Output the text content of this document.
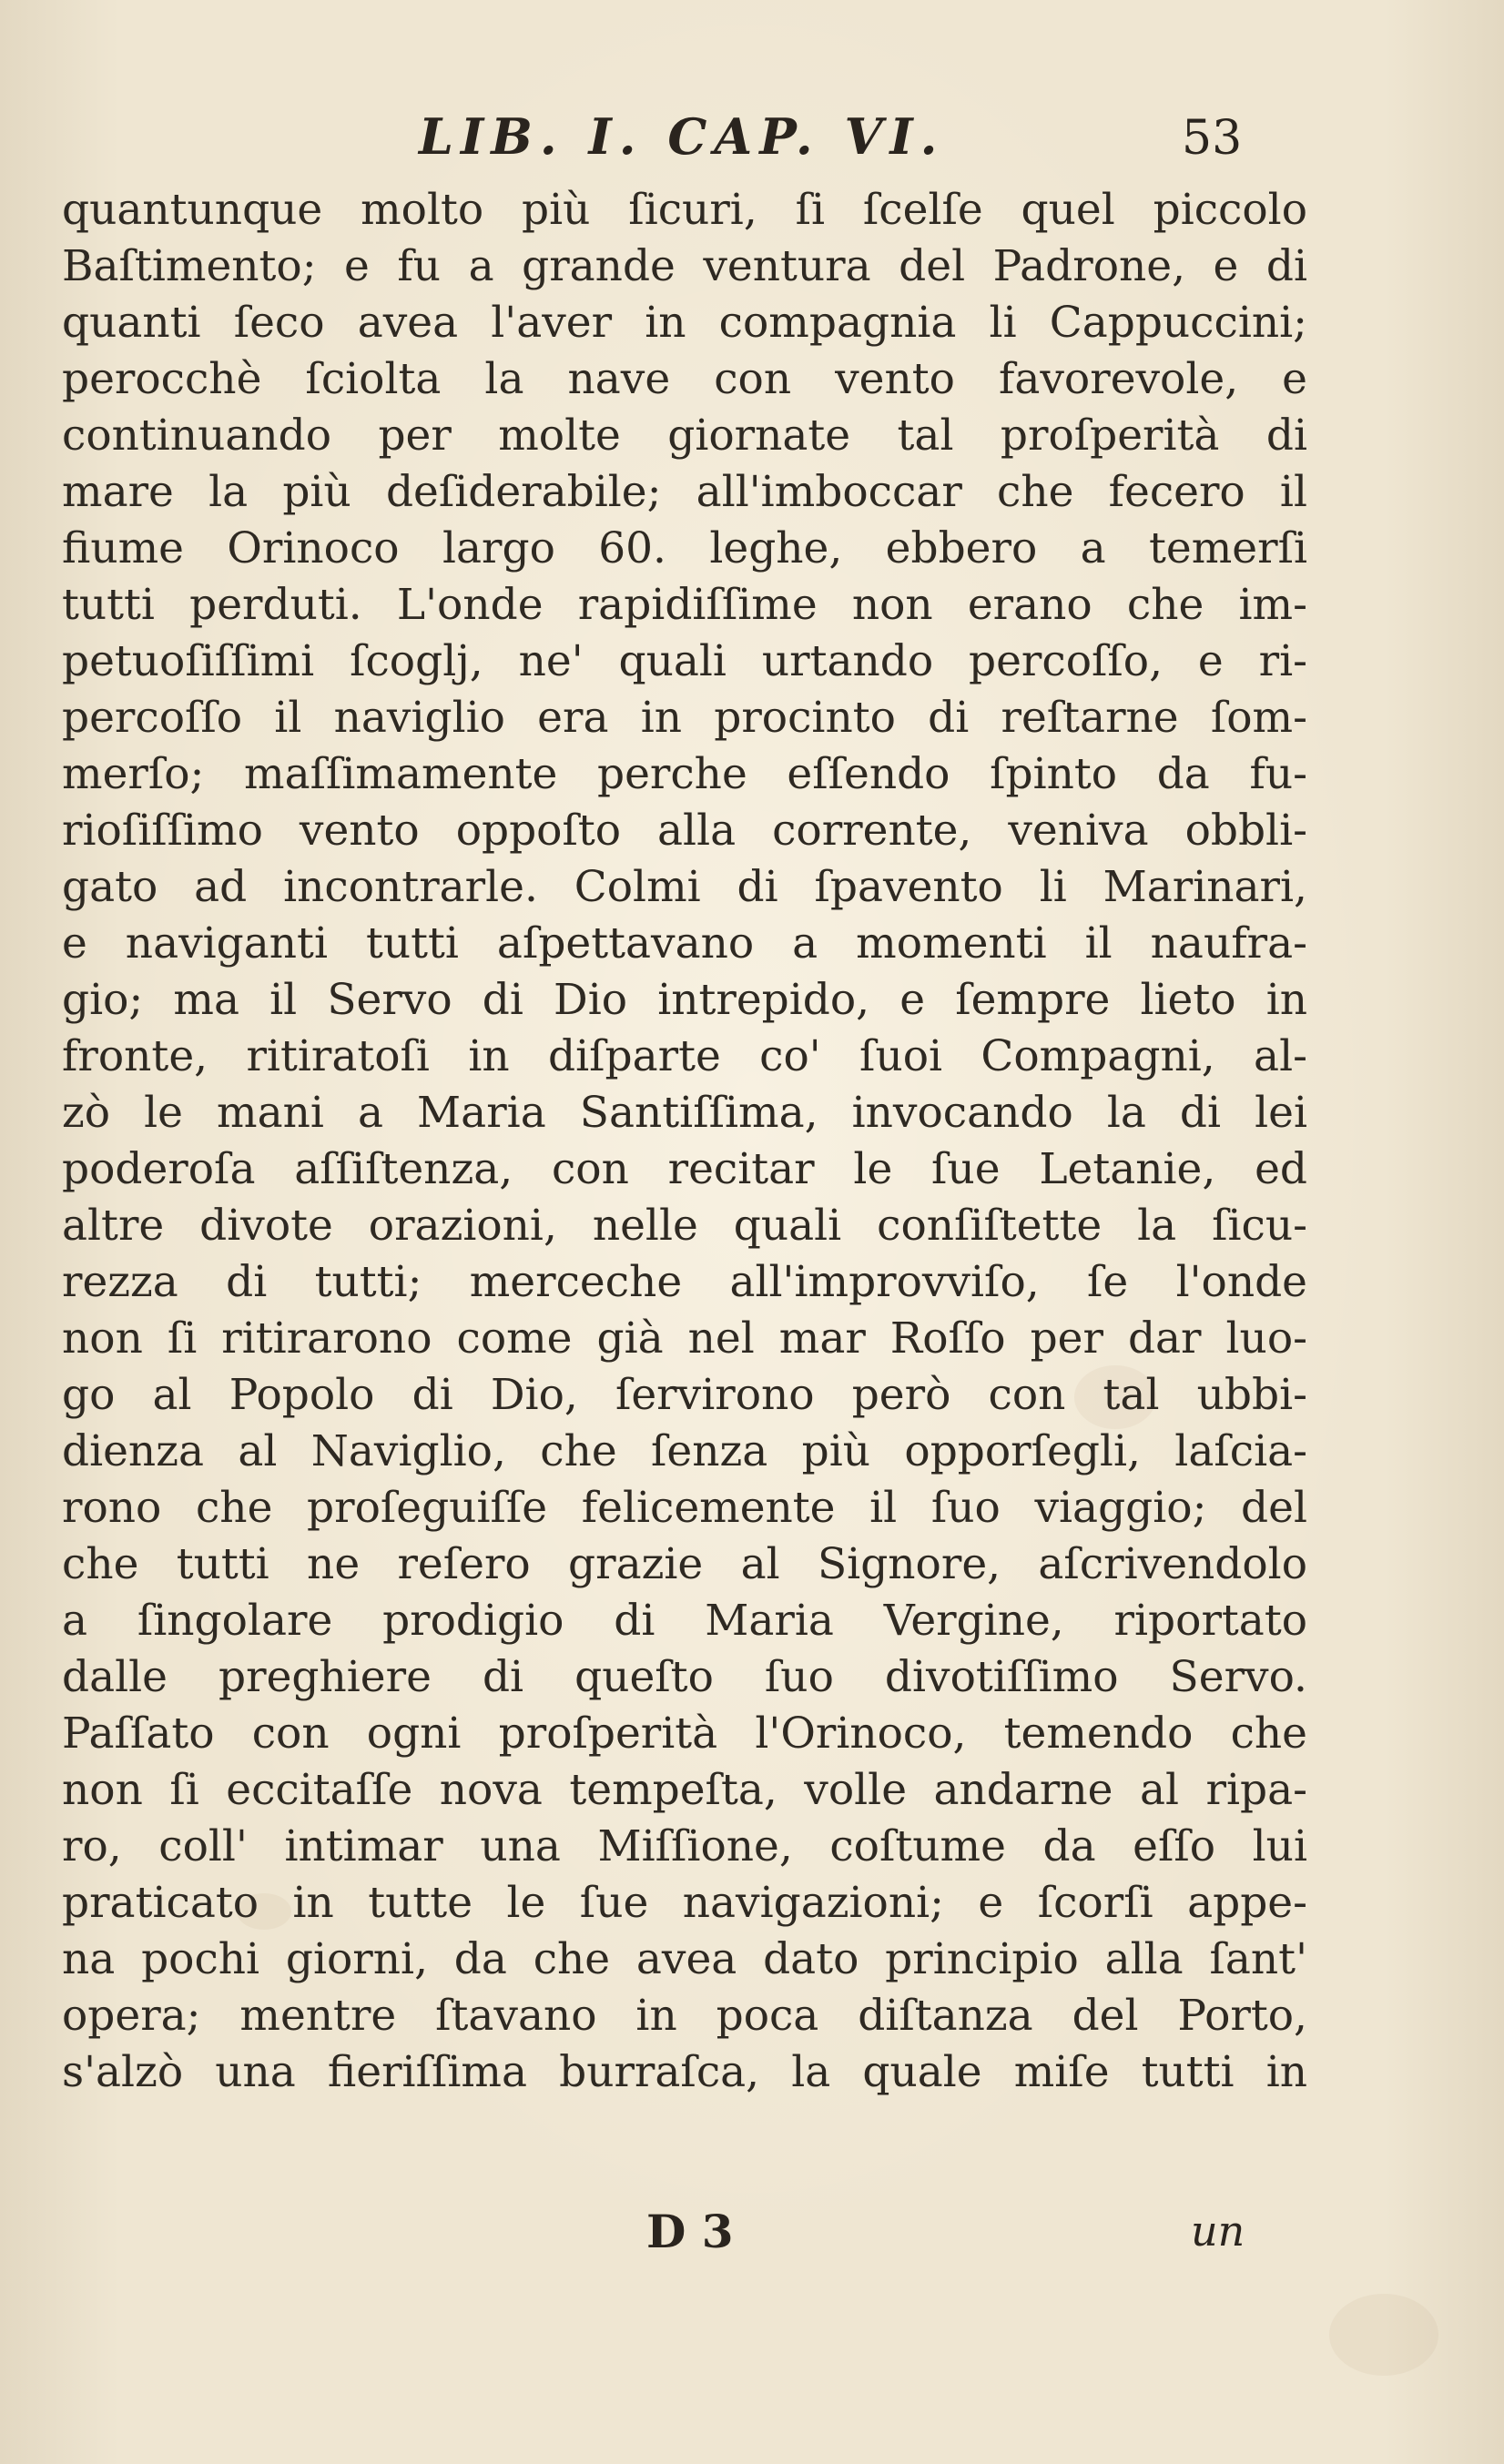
LIB. I. CAP. VI.	53
quantunque molto più ſicuri, ſi ſcelſe quel piccolo
Baſtimento; e fu a grande ventura del Padrone, e di
quanti ſeco avea l'aver in compagnia li Cappuccini;
perocchè ſciolta la nave con vento favorevole, e
continuando per molte giornate tal proſperità di
mare la più deſiderabile; all'imboccar che fecero il
fiume Orinoco largo 60. leghe, ebbero a temerſi
tutti perduti. L'onde rapidiſſime non erano che im-
petuoſiſſimi ſcoglj, ne' quali urtando percoſſo, e ri-
percoſſo il naviglio era in procinto di reſtarne ſom-
merſo; maſſimamente perche eſſendo ſpinto da fu-
rioſiſſimo vento oppoſto alla corrente, veniva obbli-
gato ad incontrarle. Colmi di ſpavento li Marinari,
e naviganti tutti aſpettavano a momenti il naufra-
gio; ma il Servo di Dio intrepido, e ſempre lieto in
fronte, ritiratoſi in diſparte co' ſuoi Compagni, al-
zò le mani a Maria Santiſſima, invocando la di lei
poderoſa aſſiſtenza, con recitar le ſue Letanie, ed
altre divote orazioni, nelle quali conſiſtette la ſicu-
rezza di tutti; merceche all'improvviſo, ſe l'onde
non ſi ritirarono come già nel mar Roſſo per dar luo-
go al Popolo di Dio, ſervirono però con tal ubbi-
dienza al Naviglio, che ſenza più opporſegli, laſcia-
rono che proſeguiſſe felicemente il ſuo viaggio; del
che tutti ne reſero grazie al Signore, aſcrivendolo
a ſingolare prodigio di Maria Vergine, riportato
dalle preghiere di queſto ſuo divotiſſimo Servo.
Paſſato con ogni proſperità l'Orinoco, temendo che
non ſi eccitaſſe nova tempeſta, volle andarne al ripa-
ro, coll' intimar una Miſſione, coſtume da eſſo lui
praticato in tutte le ſue navigazioni; e ſcorſi appe-
na pochi giorni, da che avea dato principio alla ſant'
opera; mentre ſtavano in poca diſtanza del Porto,
s'alzò una fieriſſima burraſca, la quale miſe tutti in
D 3	un
